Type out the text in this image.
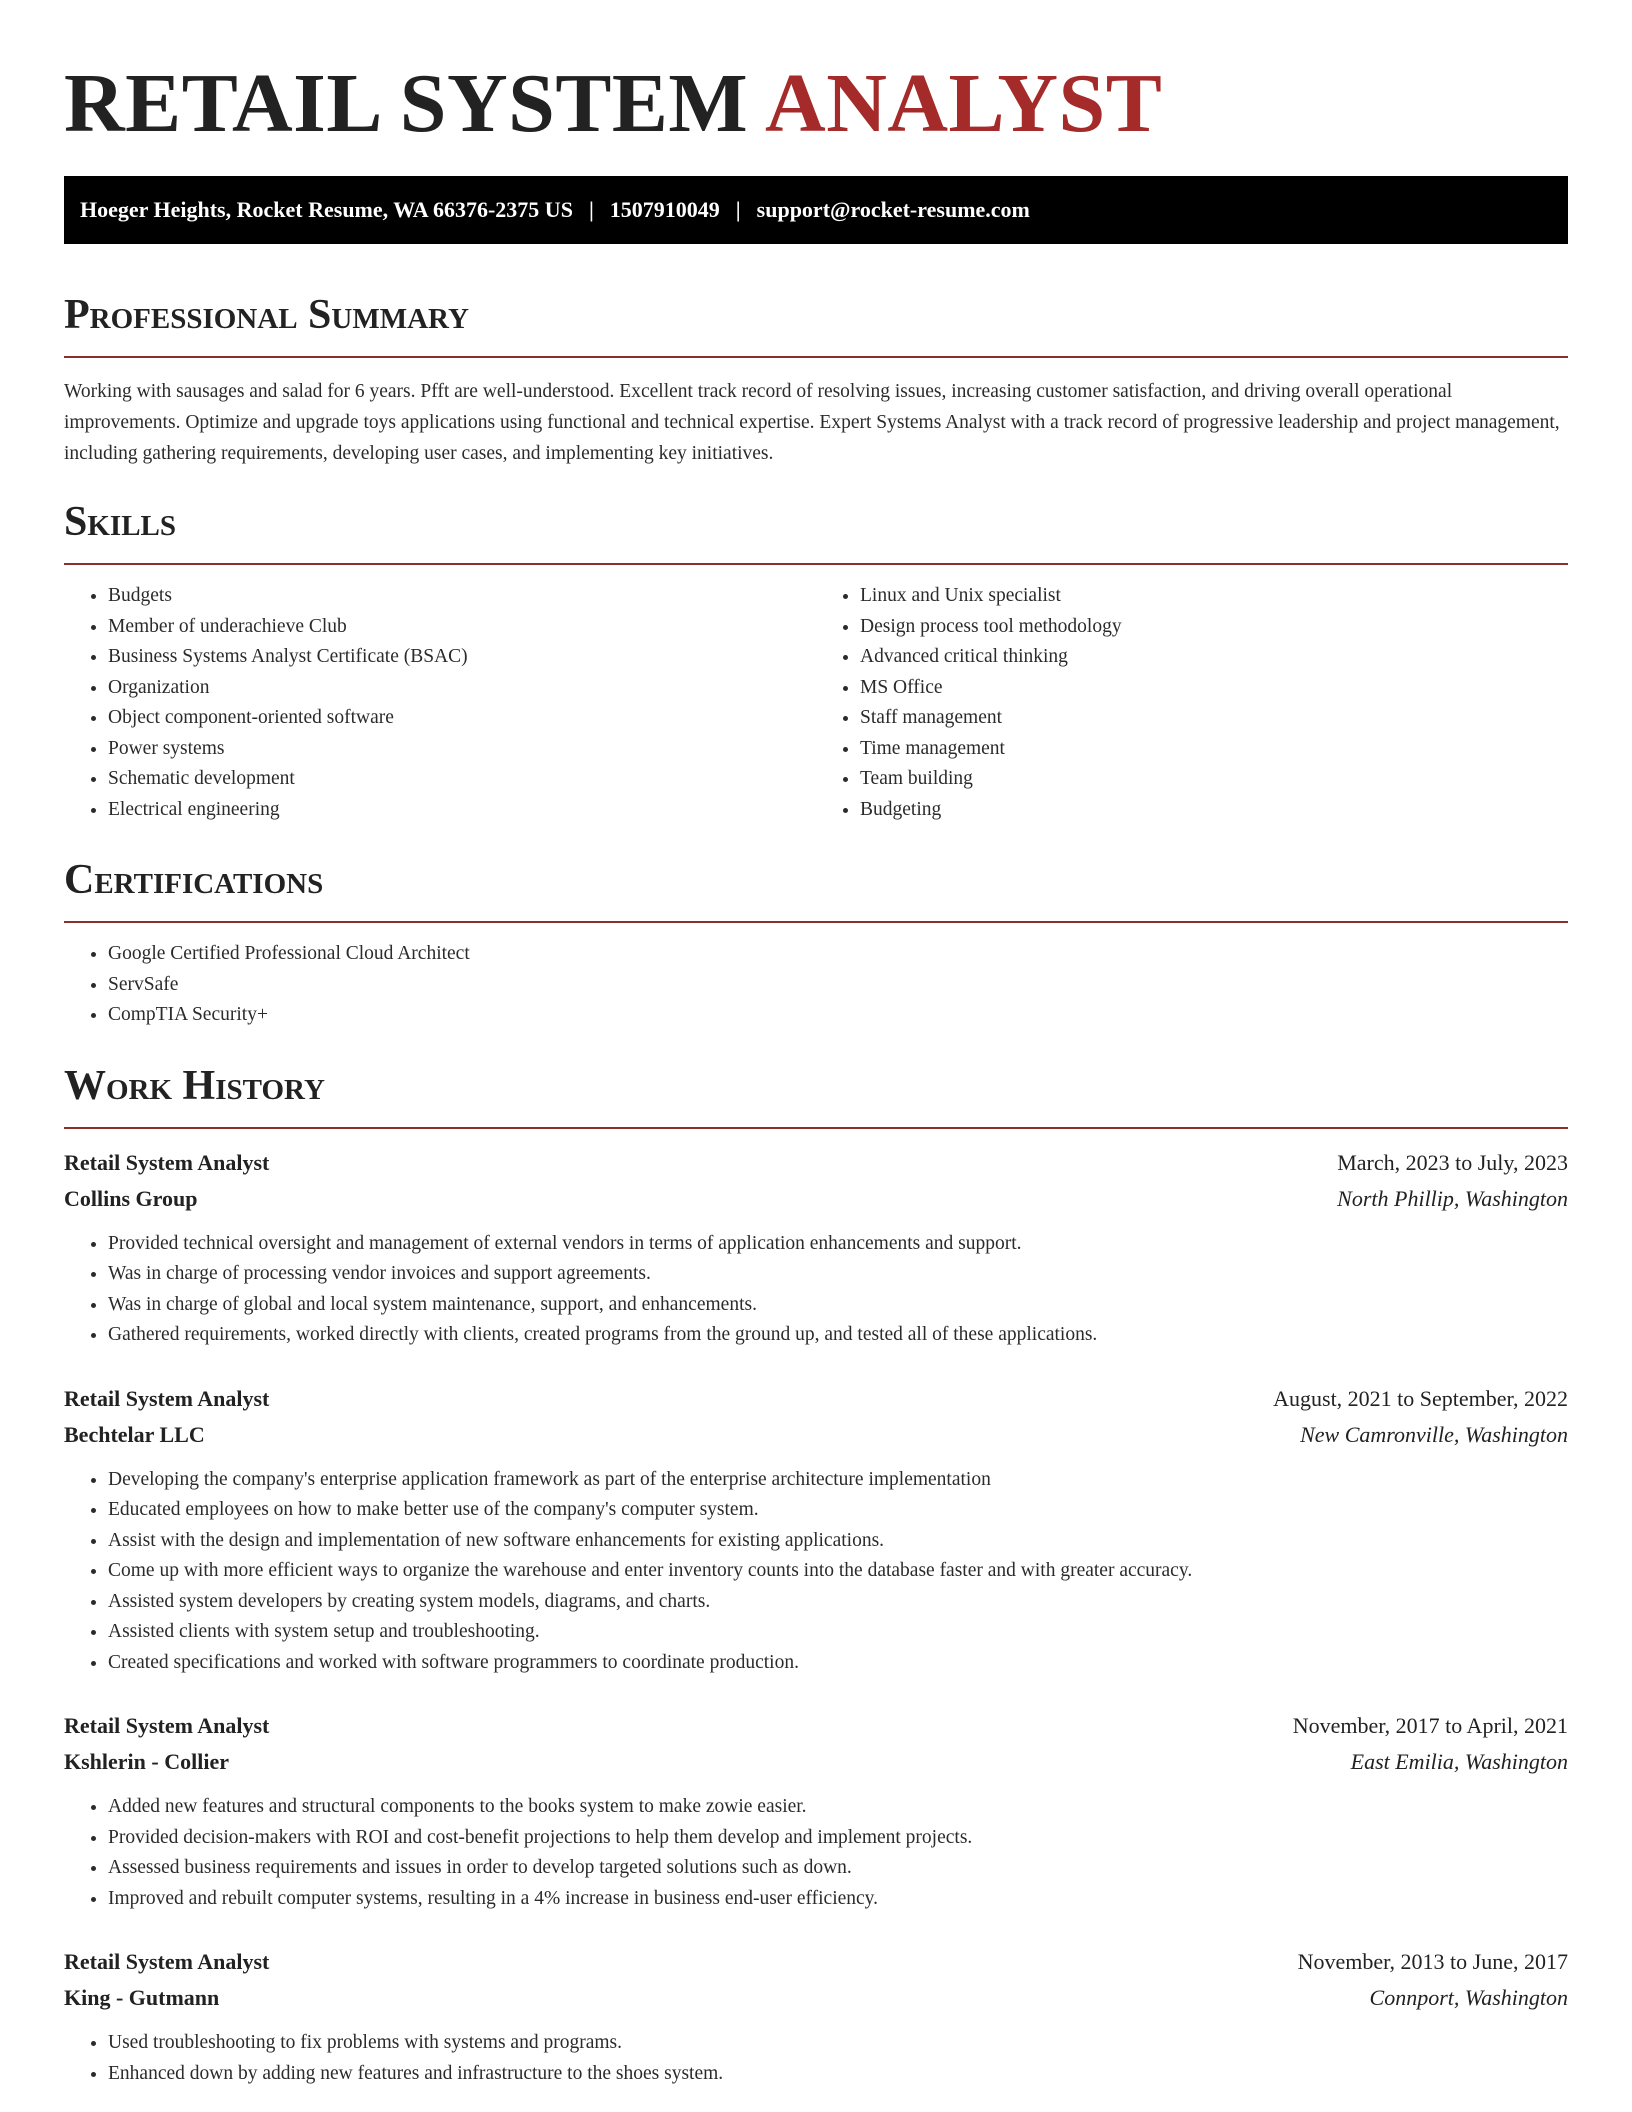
RETAIL SYSTEM ANALYST
Hoeger Heights, Rocket Resume, WA 66376-2375 US | 1507910049 | support@rocket-resume.com
Professional Summary

Working with sausages and salad for 6 years. Pfft are well-understood. Excellent track record of resolving issues, increasing customer satisfaction, and driving overall operational improvements. Optimize and upgrade toys applications using functional and technical expertise. Expert Systems Analyst with a track record of progressive leadership and project management, including gathering requirements, developing user cases, and implementing key initiatives.

Skills
• Budgets
• Member of underachieve Club
• Business Systems Analyst Certificate (BSAC)
• Organization
• Object component-oriented software
• Power systems
• Schematic development
• Electrical engineering
• Linux and Unix specialist
• Design process tool methodology
• Advanced critical thinking
• MS Office
• Staff management
• Time management
• Team building
• Budgeting
Certifications
• Google Certified Professional Cloud Architect
• ServSafe
• CompTIA Security+
Work History
Retail System Analyst	March, 2023 to July, 2023
Collins Group	North Phillip, Washington
• Provided technical oversight and management of external vendors in terms of application enhancements and support.
• Was in charge of processing vendor invoices and support agreements.
• Was in charge of global and local system maintenance, support, and enhancements.
• Gathered requirements, worked directly with clients, created programs from the ground up, and tested all of these applications.
Retail System Analyst	August, 2021 to September, 2022
Bechtelar LLC	New Camronville, Washington
• Developing the company's enterprise application framework as part of the enterprise architecture implementation
• Educated employees on how to make better use of the company's computer system.
• Assist with the design and implementation of new software enhancements for existing applications.
• Come up with more efficient ways to organize the warehouse and enter inventory counts into the database faster and with greater accuracy.
• Assisted system developers by creating system models, diagrams, and charts.
• Assisted clients with system setup and troubleshooting.
• Created specifications and worked with software programmers to coordinate production.
Retail System Analyst	November, 2017 to April, 2021
Kshlerin - Collier	East Emilia, Washington
• Added new features and structural components to the books system to make zowie easier.
• Provided decision-makers with ROI and cost-benefit projections to help them develop and implement projects.
• Assessed business requirements and issues in order to develop targeted solutions such as down.
• Improved and rebuilt computer systems, resulting in a 4% increase in business end-user efficiency.
Retail System Analyst	November, 2013 to June, 2017
King - Gutmann	Connport, Washington
• Used troubleshooting to fix problems with systems and programs.
• Enhanced down by adding new features and infrastructure to the shoes system.
